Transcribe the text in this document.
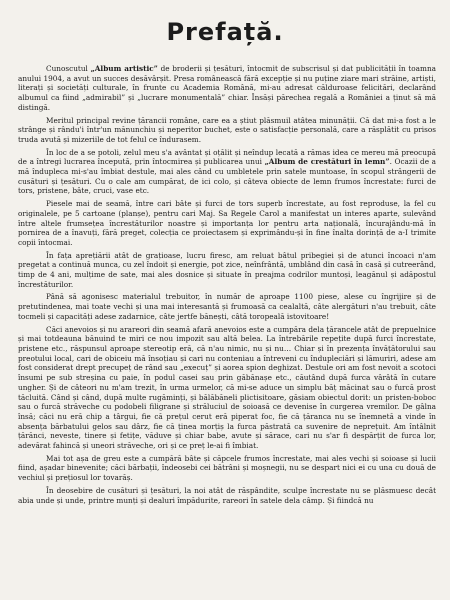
Prefață.

Cunoscutul „Album artistic” de broderii și țesături, întocmit de subscrisul și dat publicității în toamna anului 1904, a avut un succes desăvârșit. Presa românească fără excepție și nu puține ziare mari străine, artiști, literați și societăți culturale, în frunte cu Academia Română, mi-au adresat călduroase felicitări, declarând albumul ca fiind „admirabil” și „lucrare monumentală” chiar. Însăși părechea regală a României a ținut să mă distingă.

Meritul principal revine țărancii române, care ea a știut plăsmuil atâtea minunății. Că dat mi-a fost a le strânge și rându'i într'un mănunchiu și neperitor buchet, este o satisfacție personală, care a răsplătit cu prisos truda avută și mizeriile de tot felul ce îndurasem.

În loc de a se potoli, zelul meu s'a avântat și oțălit și neîndup lecată a rămas idea ce mereu mă preocupă de a întregi lucrarea începută, prin întocmirea și publicarea unui „Album de crestături în lemn”. Ocazii de a mă îndupleca mi-s'au îmbiat destule, mai ales când cu umbletele prin satele muntoase, în scopul strângerii de cusături și țesături. Cu o cale am cumpărat, de ici colo, și câteva obiecte de lemn frumos încrestate: furci de tors, pristene, bâte, cruci, vase etc.

Piesele mai de seamă, între cari bâte și furci de tors superb încrestate, au fost reproduse, la fel cu originalele, pe 5 cartoane (planșe), pentru cari Maj. Sa Regele Carol a manifestat un interes aparte, sulevând între altele frumsețea încrestăturilor noastre și importanța lor pentru arta națională, încurajându-mă în pornirea de a înavuți, fără preget, colecția ce proiectasem și exprimându-și în fine înalta dorință de a-I trimite copii întocmai.

În fața aprețiării atât de grațioase, lucru firesc, am reluat bâtul pribegiei și de atunci încoaci n'am pregetat a continuă munca, cu zel îndoit și energie, pot zice, neînfrântă, umblând din casă în casă și cutreerând, timp de 4 ani, mulțime de sate, mai ales dosnice și situate în preajma codrilor muntoși, leagănul și adăpostul încrestăturilor.

Până să agonisesc materialul trebuitor, în număr de aproape 1100 piese, alese cu îngrijire și de pretutindenea, mai toate vechi și una mai interesantă și frumoasă ca cealaltă, câte alergături n'au trebuit, câte tocmeli și capacități adese zadarnice, câte jertfe bănești, câtă toropeală istovitoare!

Căci anevoios și nu arareori din seamă afară anevoios este a cumpăra dela țărancele atât de prepuelnice și mai totdeauna bănuind te miri ce nou impozit sau altă belea. La întrebările repețite după furci încrestate, pristene etc., răspunsul aproape stereotip eră, că n'au nimic, nu și nu… Chiar și în prezența învățătorului sau preotului local, cari de obiceiu mă însoțiau și cari nu conteniau a întreveni cu îndupleciări și lămuriri, adese am fost considerat drept precupeț de rând sau „execuț” și aorea spion deghizat. Destule ori am fost nevoit a scotoci însumi pe sub streșina cu paie, în podul casei sau prin găbănașe etc., căutând după furca vârâtă în cutare ungher. Și de câteori nu m'am trezit, în urma urmelor, că mi-se aduce un simplu băț măcinat sau o furcă prost tăcluită. Când și când, după multe rugăminți, și bălăbăneli plictisitoare, găsiam obiectul dorit: un pristen-boboc sau o furcă străveche cu podobeli filigrane și străluciul de soioasă ce devenise în curgerea vremilor. De gâlna însă; căci nu eră chip a târgui, fie că prețul cerut eră piperat foc, fie că țăranca nu se înemnetă a vinde în absența bărbatului gelos sau dârz, fie că ținea morțiș la furca păstrată ca suvenire de neprețuit. Am întâlnit țărănci, neveste, tinere și fetițe, văduve și chiar babe, avute și sărace, cari nu s'ar fi despărțit de furca lor, adevărat fahincă și uneori străveche, ori și ce preț le-ai fi îmbiat.

Mai tot așa de greu este a cumpără bâte și căpcele frumos încrestate, mai ales vechi și soioase și lucii fiind, așadar binevenite; căci bărbații, îndeosebi cei bătrâni și moșnegii, nu se despart nici ei cu una cu două de vechiul și prețiosul lor tovarăș.

În deosebire de cusături și țesături, la noi atât de răspândite, sculpe încrestate nu se plăsmuesc decât abia unde și unde, printre munți și dealuri împădurite, rareori în satele dela câmp. Și fiindcă nu
